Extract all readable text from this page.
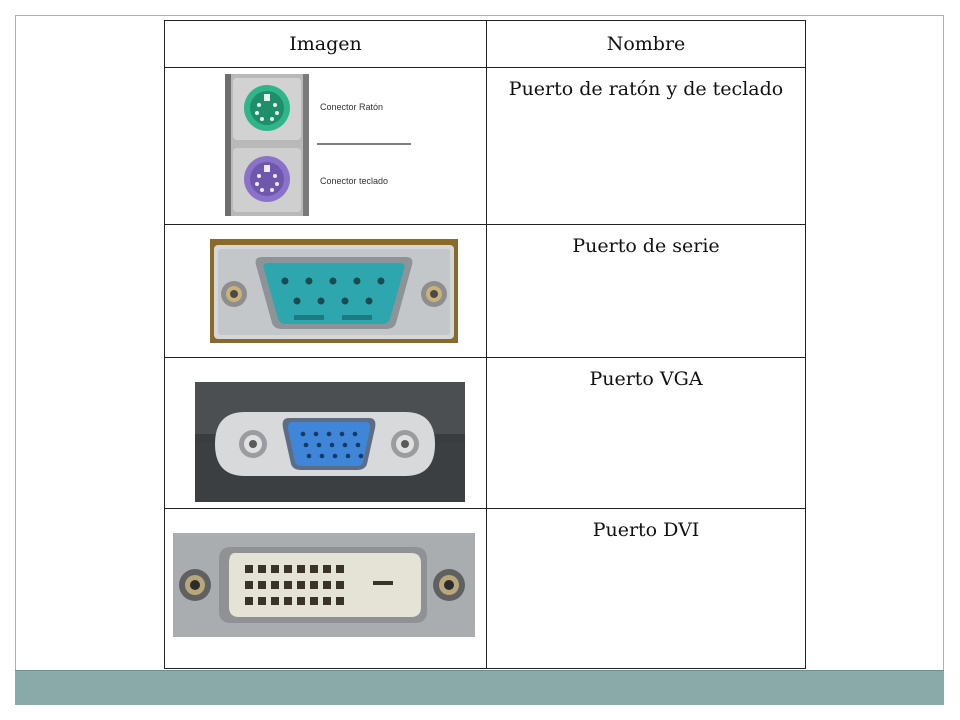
Imagen	Nombre

Conector Ratón
Conector teclado	Puerto de ratón y de teclado

	Puerto de serie

	Puerto VGA

	Puerto DVI
